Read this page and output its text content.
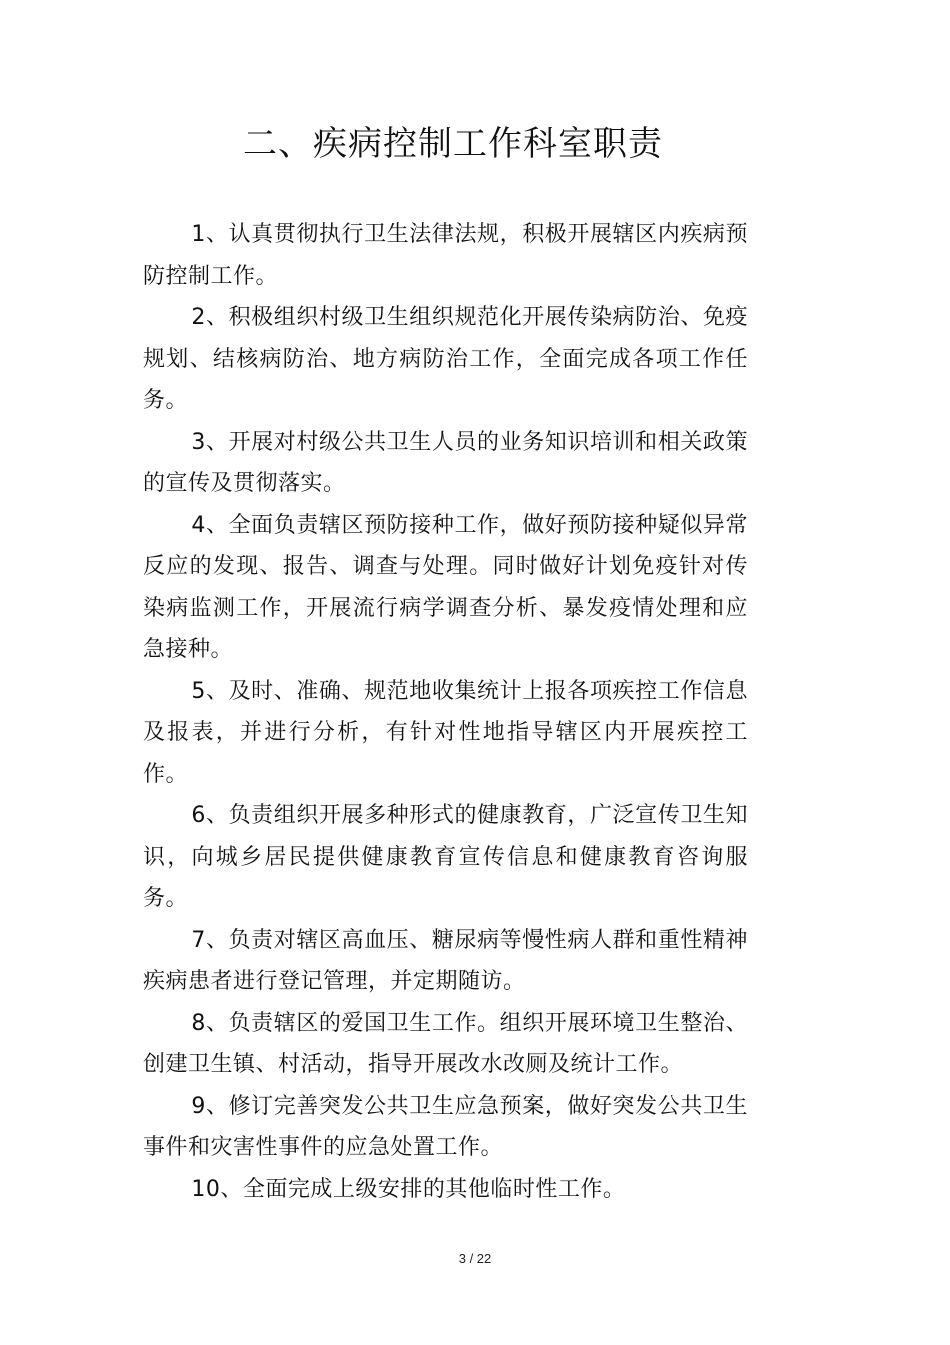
二、疾病控制工作科室职责

1、认真贯彻执行卫生法律法规，积极开展辖区内疾病预防控制工作。

2、积极组织村级卫生组织规范化开展传染病防治、免疫规划、结核病防治、地方病防治工作，全面完成各项工作任务。

3、开展对村级公共卫生人员的业务知识培训和相关政策的宣传及贯彻落实。

4、全面负责辖区预防接种工作，做好预防接种疑似异常反应的发现、报告、调查与处理。同时做好计划免疫针对传染病监测工作，开展流行病学调查分析、暴发疫情处理和应急接种。

5、及时、准确、规范地收集统计上报各项疾控工作信息及报表，并进行分析，有针对性地指导辖区内开展疾控工作。

6、负责组织开展多种形式的健康教育，广泛宣传卫生知识，向城乡居民提供健康教育宣传信息和健康教育咨询服务。

7、负责对辖区高血压、糖尿病等慢性病人群和重性精神疾病患者进行登记管理，并定期随访。

8、负责辖区的爱国卫生工作。组织开展环境卫生整治、创建卫生镇、村活动，指导开展改水改厕及统计工作。

9、修订完善突发公共卫生应急预案，做好突发公共卫生事件和灾害性事件的应急处置工作。

10、全面完成上级安排的其他临时性工作。

3 / 22
